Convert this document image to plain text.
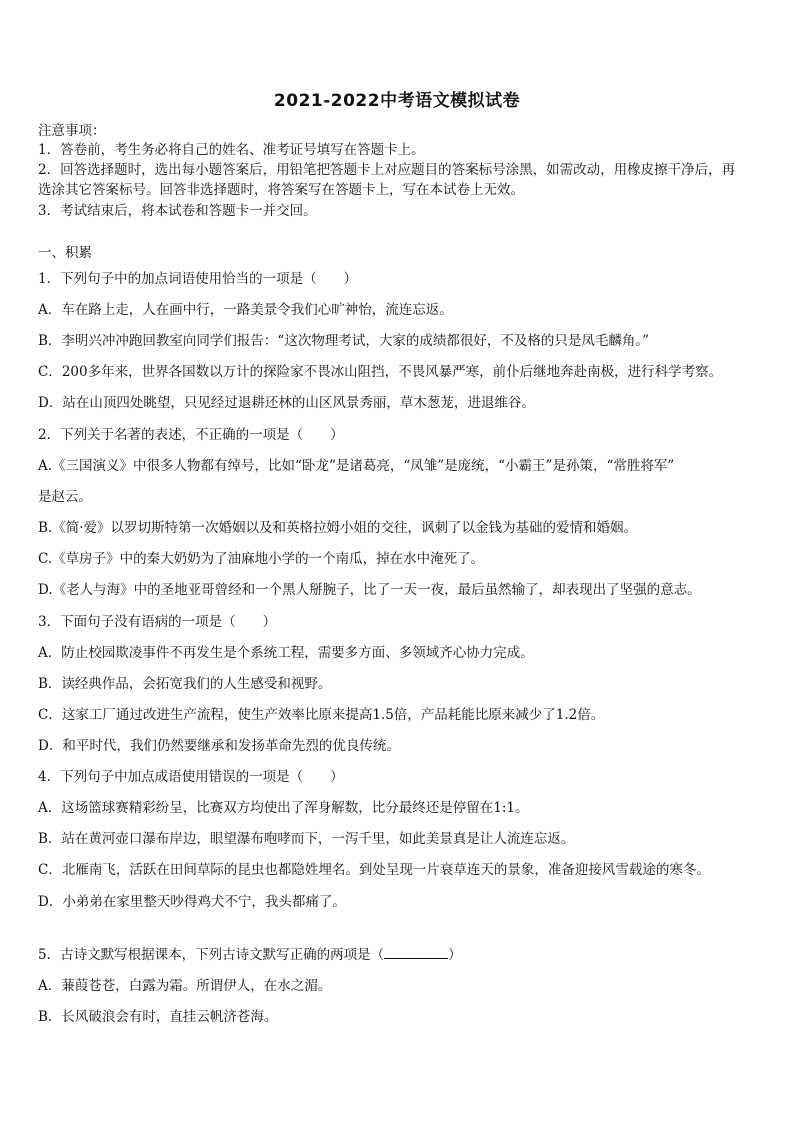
2021-2022中考语文模拟试卷
注意事项：
1．答卷前，考生务必将自己的姓名、准考证号填写在答题卡上。
2．回答选择题时，选出每小题答案后，用铅笔把答题卡上对应题目的答案标号涂黑，如需改动，用橡皮擦干净后，再
选涂其它答案标号。回答非选择题时，将答案写在答题卡上，写在本试卷上无效。
3．考试结束后，将本试卷和答题卡一并交回。
一、积累
1．下列句子中的加点词语使用恰当的一项是（　　）
A．车在路上走，人在画中行，一路美景令我们心旷神怡，流连忘返。
B．李明兴冲冲跑回教室向同学们报告：“这次物理考试，大家的成绩都很好，不及格的只是凤毛麟角。”
C．200多年来，世界各国数以万计的探险家不畏冰山阻挡，不畏风暴严寒，前仆后继地奔赴南极，进行科学考察。
D．站在山顶四处眺望，只见经过退耕还林的山区风景秀丽，草木葱茏，进退维谷。
2．下列关于名著的表述，不正确的一项是（　　）
A.《三国演义》中很多人物都有绰号，比如“卧龙”是诸葛亮，“凤雏”是庞统，“小霸王”是孙策，“常胜将军”
是赵云。
B.《简·爱》以罗切斯特第一次婚姻以及和英格拉姆小姐的交往，讽刺了以金钱为基础的爱情和婚姻。
C.《草房子》中的秦大奶奶为了油麻地小学的一个南瓜，掉在水中淹死了。
D.《老人与海》中的圣地亚哥曾经和一个黑人掰腕子，比了一天一夜，最后虽然输了，却表现出了坚强的意志。
3．下面句子没有语病的一项是（　　）
A．防止校园欺凌事件不再发生是个系统工程，需要多方面、多领域齐心协力完成。
B．读经典作品，会拓宽我们的人生感受和视野。
C．这家工厂通过改进生产流程，使生产效率比原来提高1.5倍，产品耗能比原来减少了1.2倍。
D．和平时代，我们仍然要继承和发扬革命先烈的优良传统。
4．下列句子中加点成语使用错误的一项是（　　）
A．这场篮球赛精彩纷呈，比赛双方均使出了浑身解数，比分最终还是停留在1:1。
B．站在黄河壶口瀑布岸边，眼望瀑布咆哮而下，一泻千里，如此美景真是让人流连忘返。
C．北雁南飞，活跃在田间草际的昆虫也都隐姓埋名。到处呈现一片衰草连天的景象，准备迎接风雪载途的寒冬。
D．小弟弟在家里整天吵得鸡犬不宁，我头都痛了。
5．古诗文默写根据课本，下列古诗文默写正确的两项是（	）
A．蒹葭苍苍，白露为霜。所谓伊人，在水之湄。
B．长风破浪会有时，直挂云帆济苍海。
